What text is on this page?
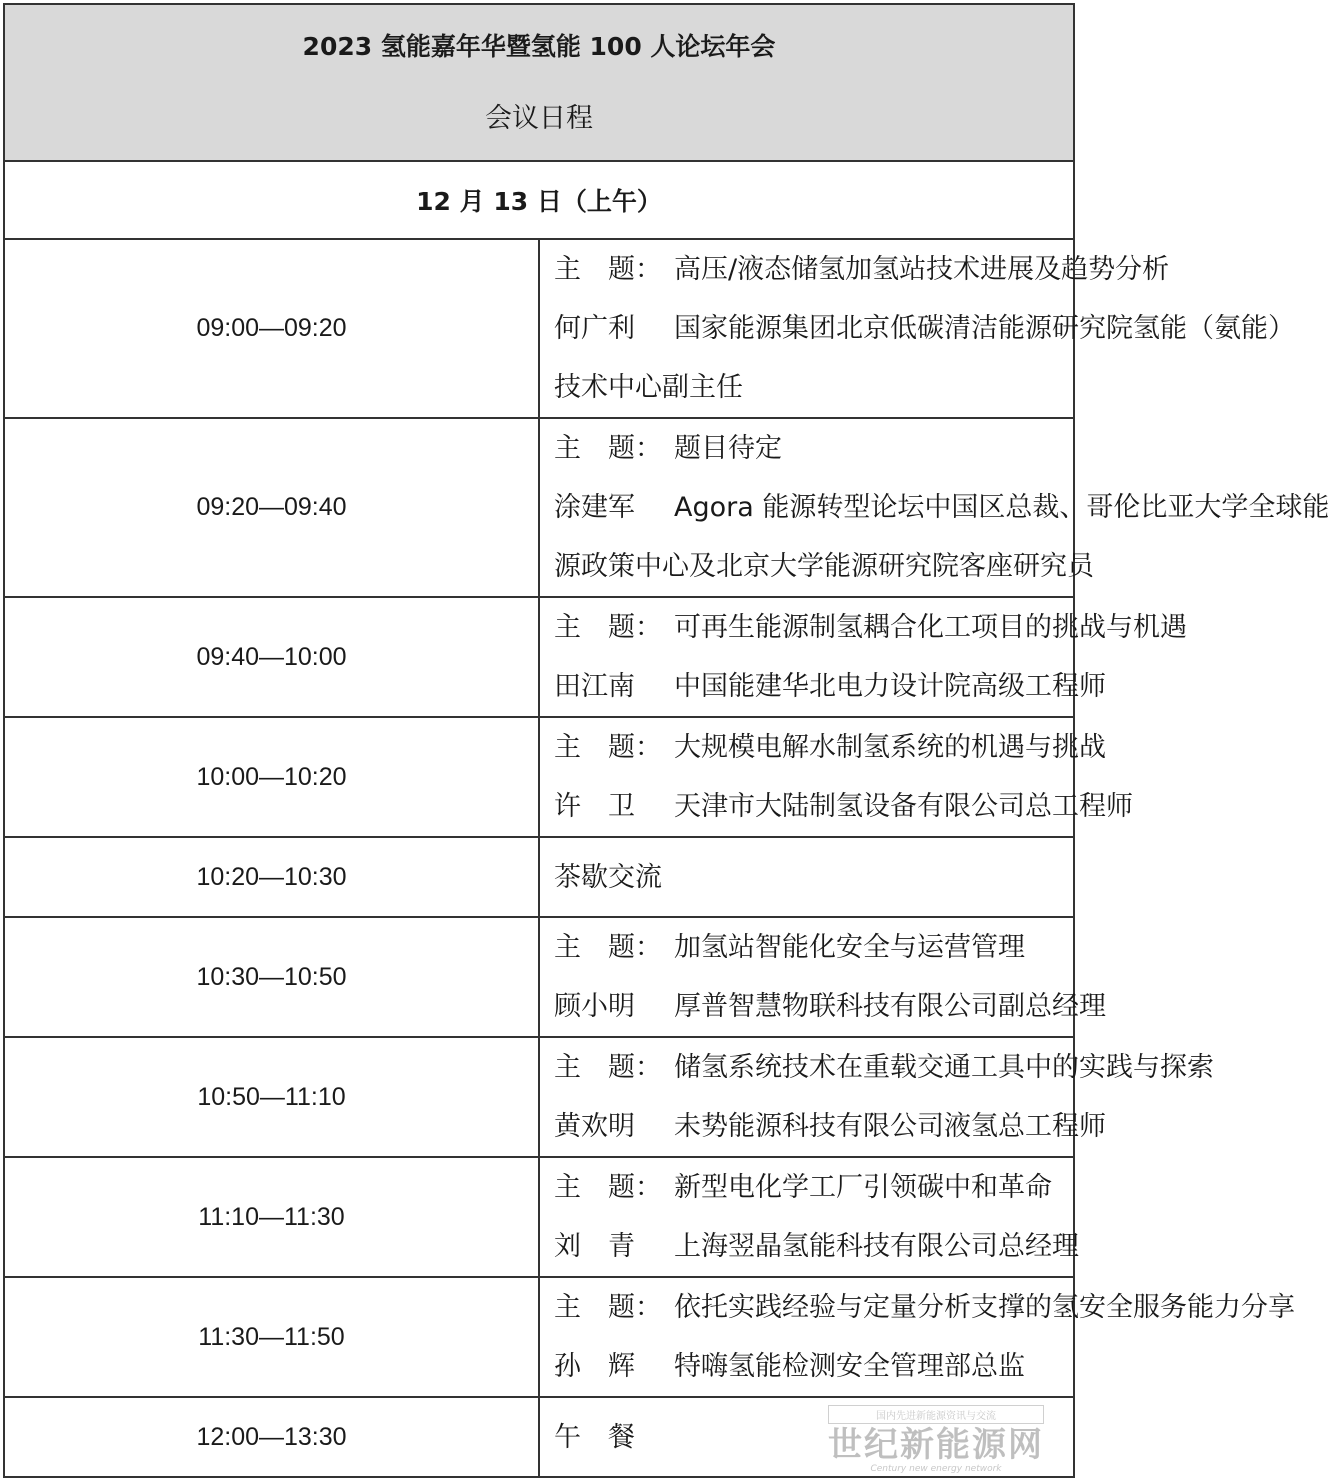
2023 氢能嘉年华暨氢能 100 人论坛年会
会议日程	

12 月 13 日（上午）	
09:00—09:20	主　题： 高压/液态储氢加氢站技术进展及趋势分析
何广利 国家能源集团北京低碳清洁能源研究院氢能（氨能）
技术中心副主任

09:20—09:40	主　题： 题目待定
涂建军 Agora 能源转型论坛中国区总裁、哥伦比亚大学全球能
源政策中心及北京大学能源研究院客座研究员

09:40—10:00	主　题： 可再生能源制氢耦合化工项目的挑战与机遇
田江南 中国能建华北电力设计院高级工程师

10:00—10:20	主　题： 大规模电解水制氢系统的机遇与挑战
许　卫 天津市大陆制氢设备有限公司总工程师

10:20—10:30	茶歇交流

10:30—10:50	主　题： 加氢站智能化安全与运营管理
顾小明 厚普智慧物联科技有限公司副总经理

10:50—11:10	主　题： 储氢系统技术在重载交通工具中的实践与探索
黄欢明 未势能源科技有限公司液氢总工程师

11:10—11:30	主　题： 新型电化学工厂引领碳中和革命
刘　青 上海翌晶氢能科技有限公司总经理

11:30—11:50	主　题： 依托实践经验与定量分析支撑的氢安全服务能力分享
孙　辉 特嗨氢能检测安全管理部总监

12:00—13:30	午　餐
国内先进新能源资讯与交流
世纪新能源网
Century new energy network
